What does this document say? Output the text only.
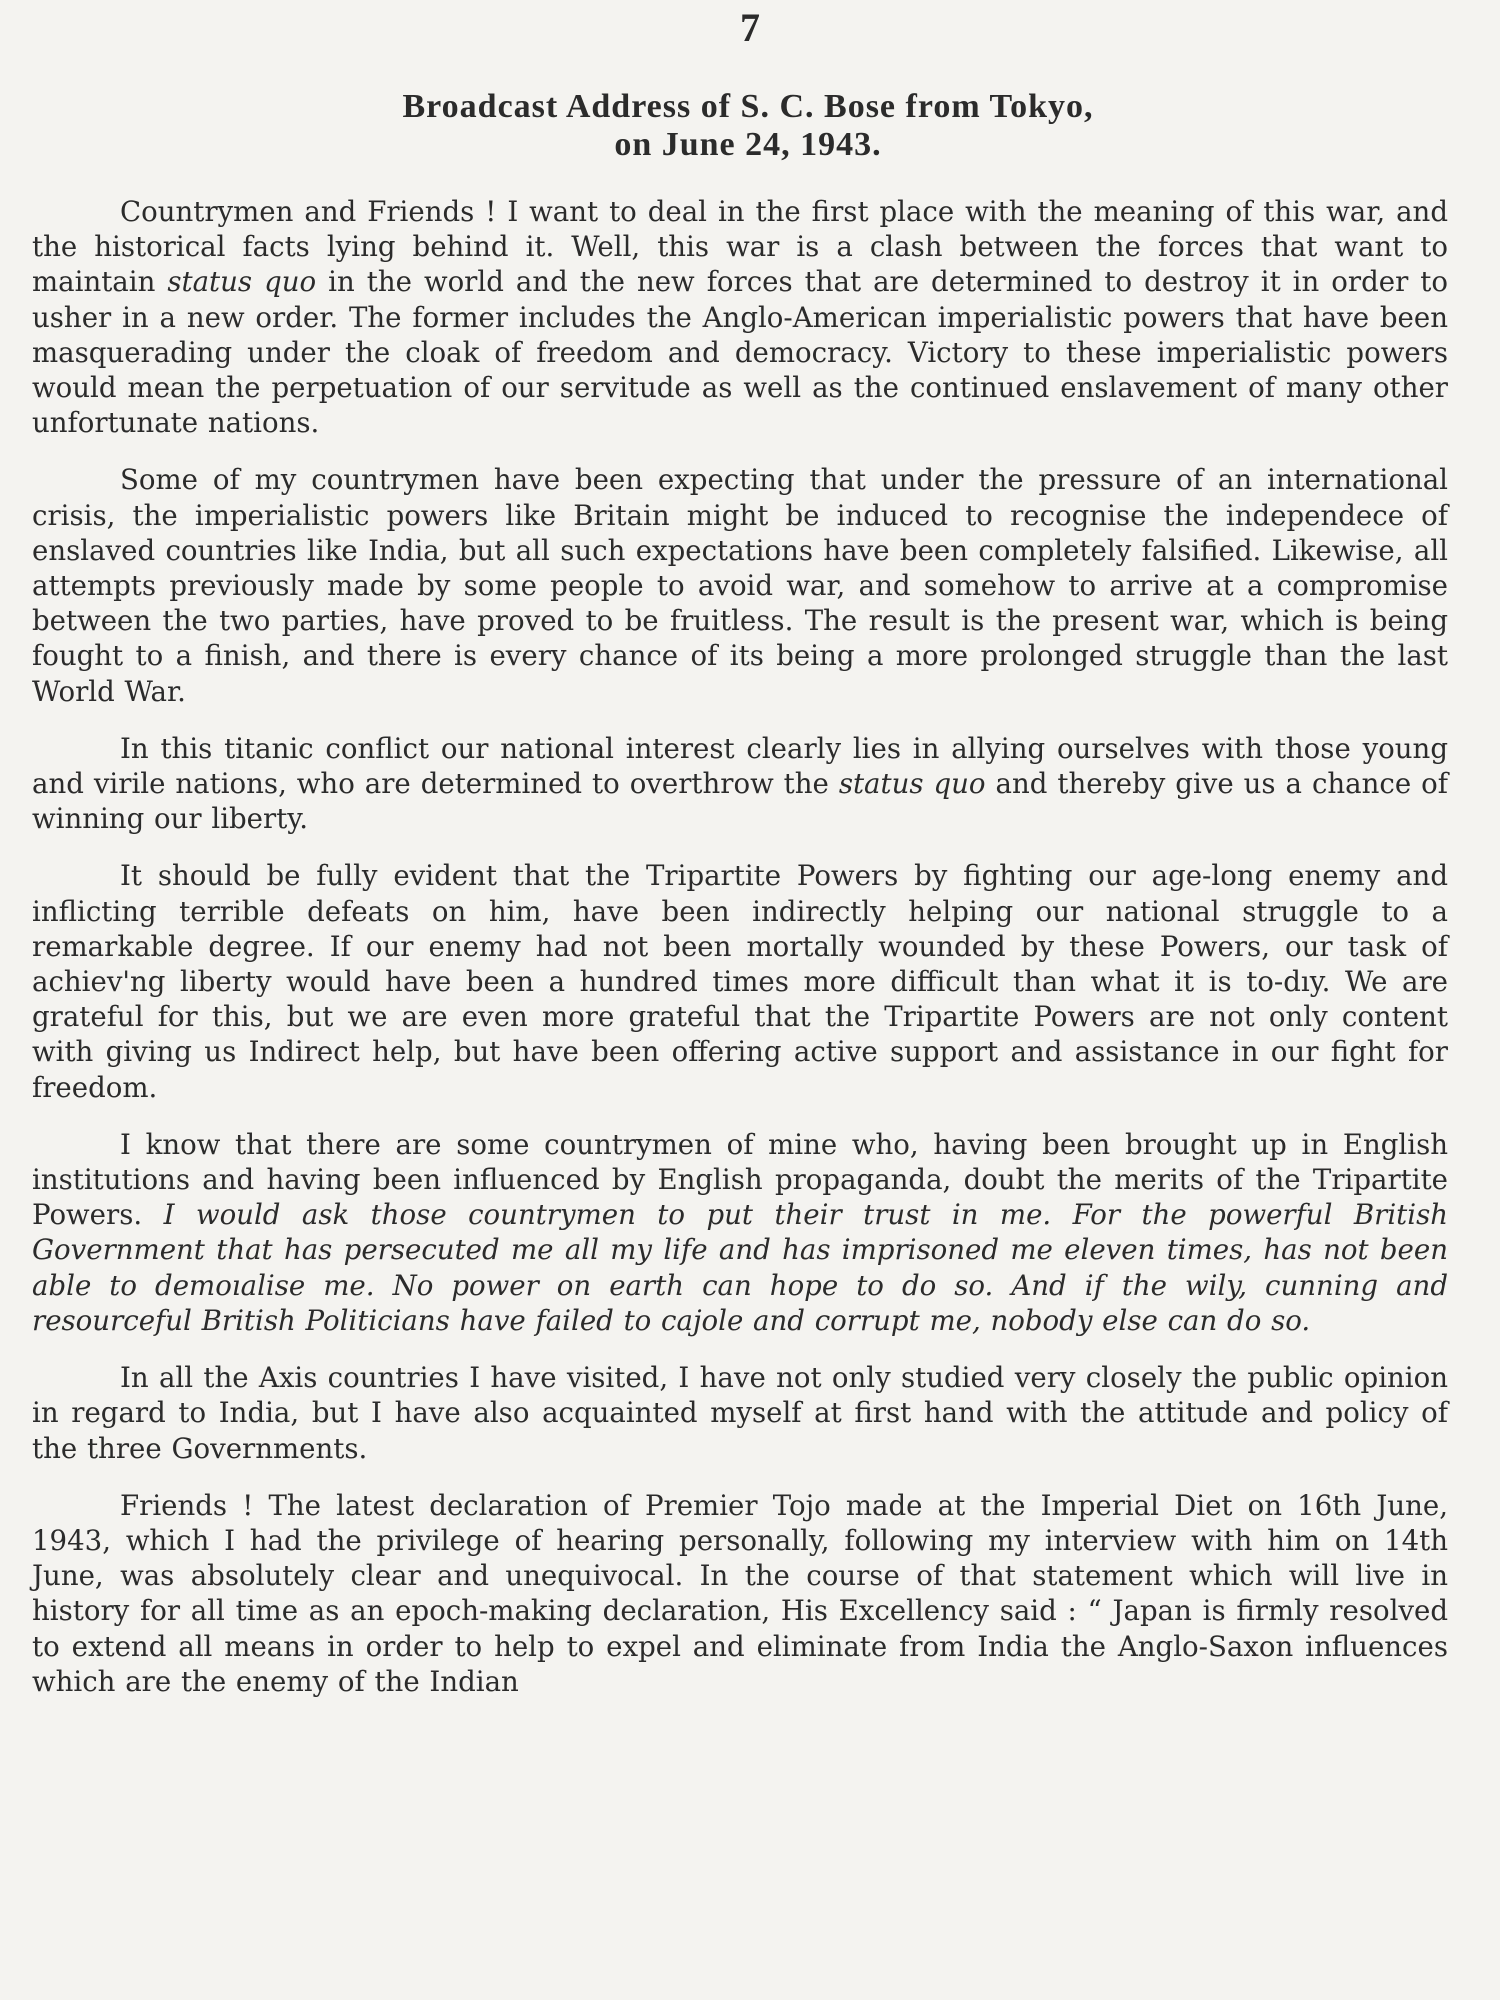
7
Broadcast Address of S. C. Bose from Tokyo,
on June 24, 1943.

Countrymen and Friends ! I want to deal in the first place with the meaning of this war, and the historical facts lying behind it. Well, this war is a clash between the forces that want to maintain status quo in the world and the new forces that are determined to destroy it in order to usher in a new order. The former includes the Anglo-American imperialistic powers that have been masquerading under the cloak of freedom and democracy. Victory to these imperialistic powers would mean the perpetuation of our servitude as well as the continued enslavement of many other unfortunate nations.

Some of my countrymen have been expecting that under the pressure of an international crisis, the imperialistic powers like Britain might be induced to recognise the independece of enslaved countries like India, but all such expectations have been completely falsified. Likewise, all attempts previously made by some people to avoid war, and somehow to arrive at a compromise between the two parties, have proved to be fruitless. The result is the present war, which is being fought to a finish, and there is every chance of its being a more prolonged struggle than the last World War.

In this titanic conflict our national interest clearly lies in allying ourselves with those young and virile nations, who are determined to overthrow the status quo and thereby give us a chance of winning our liberty.

It should be fully evident that the Tripartite Powers by fighting our age-long enemy and inflicting terrible defeats on him, have been indirectly helping our national struggle to a remarkable degree. If our enemy had not been mortally wounded by these Powers, our task of achiev'ng liberty would have been a hundred times more difficult than what it is to-dıy. We are grateful for this, but we are even more grateful that the Tripartite Powers are not only content with giving us Indirect help, but have been offering active support and assistance in our fight for freedom.

I know that there are some countrymen of mine who, having been brought up in English institutions and having been influenced by English propaganda, doubt the merits of the Tripartite Powers. I would ask those countrymen to put their trust in me. For the powerful British Government that has persecuted me all my life and has imprisoned me eleven times, has not been able to demoıalise me. No power on earth can hope to do so. And if the wily, cunning and resourceful British Politicians have failed to cajole and corrupt me, nobody else can do so.

In all the Axis countries I have visited, I have not only studied very closely the public opinion in regard to India, but I have also acquainted myself at first hand with the attitude and policy of the three Governments.

Friends ! The latest declaration of Premier Tojo made at the Imperial Diet on 16th June, 1943, which I had the privilege of hearing personally, following my interview with him on 14th June, was absolutely clear and unequivocal. In the course of that statement which will live in history for all time as an epoch-making declaration, His Excellency said : “ Japan is firmly resolved to extend all means in order to help to expel and eliminate from India the Anglo-Saxon influences which are the enemy of the Indian
